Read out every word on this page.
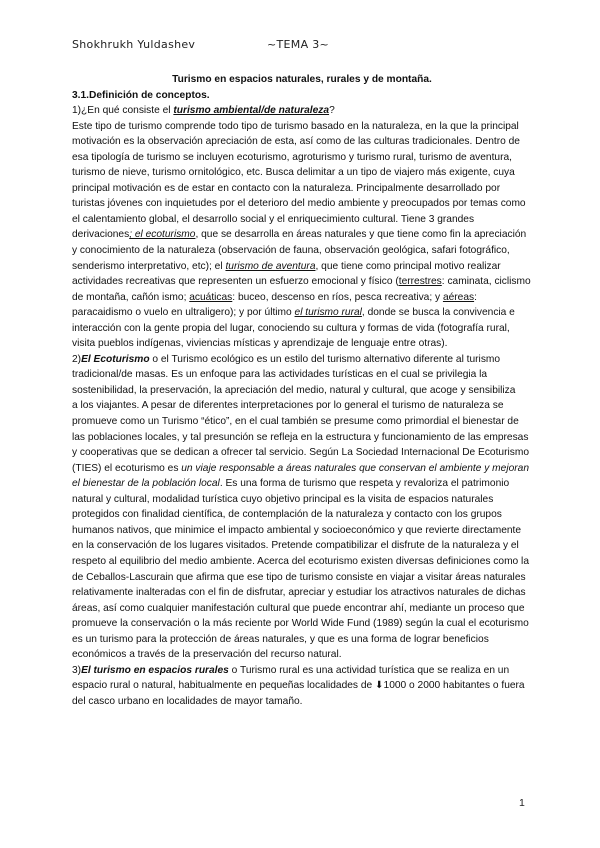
Shokhrukh Yuldashev	~TEMA 3~

Turismo en espacios naturales, rurales y de montaña.

3.1.Definición de conceptos.

1)¿En qué consiste el turismo ambiental/de naturaleza?

Este tipo de turismo comprende todo tipo de turismo basado en la naturaleza, en la que la principal motivación es la observación apreciación de esta, así como de las culturas tradicionales. Dentro de esa tipología de turismo se incluyen ecoturismo, agroturismo y turismo rural, turismo de aventura, turismo de nieve, turismo ornitológico, etc. Busca delimitar a un tipo de viajero más exigente, cuya principal motivación es de estar en contacto con la naturaleza. Principalmente desarrollado por turistas jóvenes con inquietudes por el deterioro del medio ambiente y preocupados por temas como el calentamiento global, el desarrollo social y el enriquecimiento cultural. Tiene 3 grandes derivaciones; el ecoturismo, que se desarrolla en áreas naturales y que tiene como fin la apreciación y conocimiento de la naturaleza (observación de fauna, observación geológica, safari fotográfico, senderismo interpretativo, etc); el turismo de aventura, que tiene como principal motivo realizar actividades recreativas que representen un esfuerzo emocional y físico (terrestres: caminata, ciclismo de montaña, cañón ismo; acuáticas: buceo, descenso en ríos, pesca recreativa; y aéreas: paracaidismo o vuelo en ultraligero); y por último el turismo rural, donde se busca la convivencia e interacción con la gente propia del lugar, conociendo su cultura y formas de vida (fotografía rural, visita pueblos indígenas, viviencias místicas y aprendizaje de lenguaje entre otras).

2)El Ecoturismo o el Turismo ecológico es un estilo del turismo alternativo diferente al turismo tradicional/de masas. Es un enfoque para las actividades turísticas en el cual se privilegia la sostenibilidad, la preservación, la apreciación del medio, natural y cultural, que acoge y sensibiliza

a los viajantes. A pesar de diferentes interpretaciones por lo general el turismo de naturaleza se promueve como un Turismo “ético”, en el cual también se presume como primordial el bienestar de las poblaciones locales, y tal presunción se refleja en la estructura y funcionamiento de las empresas y cooperativas que se dedican a ofrecer tal servicio. Según La Sociedad Internacional De Ecoturismo (TIES) el ecoturismo es un viaje responsable a áreas naturales que conservan el ambiente y mejoran el bienestar de la población local. Es una forma de turismo que respeta y revaloriza el patrimonio natural y cultural, modalidad turística cuyo objetivo principal es la visita de espacios naturales protegidos con finalidad científica, de contemplación de la naturaleza y contacto con los grupos humanos nativos, que minimice el impacto ambiental y socioeconómico y que revierte directamente en la conservación de los lugares visitados. Pretende compatibilizar el disfrute de la naturaleza y el respeto al equilibrio del medio ambiente. Acerca del ecoturismo existen diversas definiciones como la de Ceballos-Lascurain que afirma que ese tipo de turismo consiste en viajar a visitar áreas naturales relativamente inalteradas con el fin de disfrutar, apreciar y estudiar los atractivos naturales de dichas áreas, así como cualquier manifestación cultural que puede encontrar ahí, mediante un proceso que promueve la conservación o la más reciente por World Wide Fund (1989) según la cual el ecoturismo es un turismo para la protección de áreas naturales, y que es una forma de lograr beneficios económicos a través de la preservación del recurso natural.

3)El turismo en espacios rurales o Turismo rural es una actividad turística que se realiza en un espacio rural o natural, habitualmente en pequeñas localidades de ⬇1000 o 2000 habitantes o fuera del casco urbano en localidades de mayor tamaño.

1
